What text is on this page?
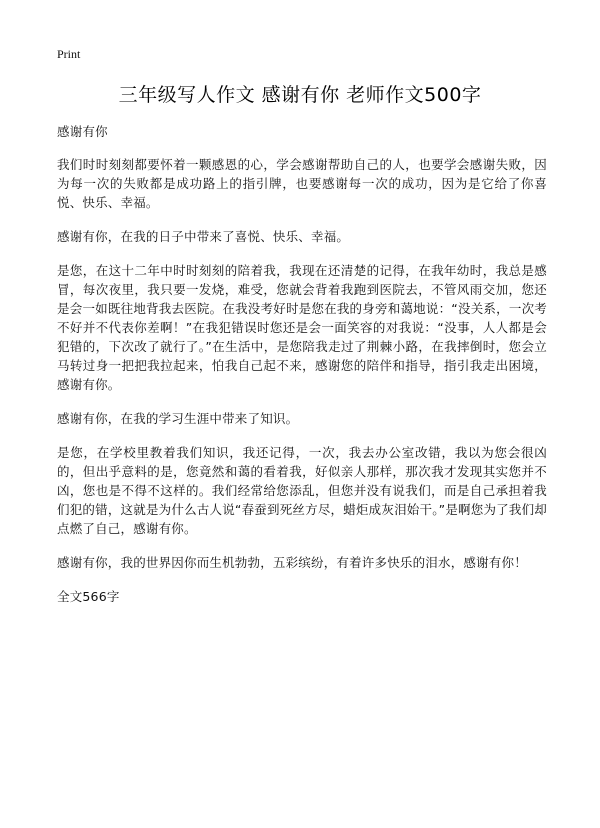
Print
三年级写人作文 感谢有你 老师作文500字

感谢有你

我们时时刻刻都要怀着一颗感恩的心，学会感谢帮助自己的人，也要学会感谢失败，因为每一次的失败都是成功路上的指引牌，也要感谢每一次的成功，因为是它给了你喜悦、快乐、幸福。

感谢有你，在我的日子中带来了喜悦、快乐、幸福。

是您，在这十二年中时时刻刻的陪着我，我现在还清楚的记得，在我年幼时，我总是感冒，每次夜里，我只要一发烧，难受，您就会背着我跑到医院去，不管风雨交加，您还是会一如既往地背我去医院。在我没考好时是您在我的身旁和蔼地说：“没关系，一次考不好并不代表你差啊！”在我犯错误时您还是会一面笑容的对我说：“没事，人人都是会犯错的，下次改了就行了。”在生活中，是您陪我走过了荆棘小路，在我摔倒时，您会立马转过身一把把我拉起来，怕我自己起不来，感谢您的陪伴和指导，指引我走出困境，感谢有你。

感谢有你，在我的学习生涯中带来了知识。

是您，在学校里教着我们知识，我还记得，一次，我去办公室改错，我以为您会很凶的，但出乎意料的是，您竟然和蔼的看着我，好似亲人那样，那次我才发现其实您并不凶，您也是不得不这样的。我们经常给您添乱，但您并没有说我们，而是自己承担着我们犯的错，这就是为什么古人说“春蚕到死丝方尽，蜡炬成灰泪始干。”是啊您为了我们却点燃了自己，感谢有你。

感谢有你，我的世界因你而生机勃勃，五彩缤纷，有着许多快乐的泪水，感谢有你！

全文566字
